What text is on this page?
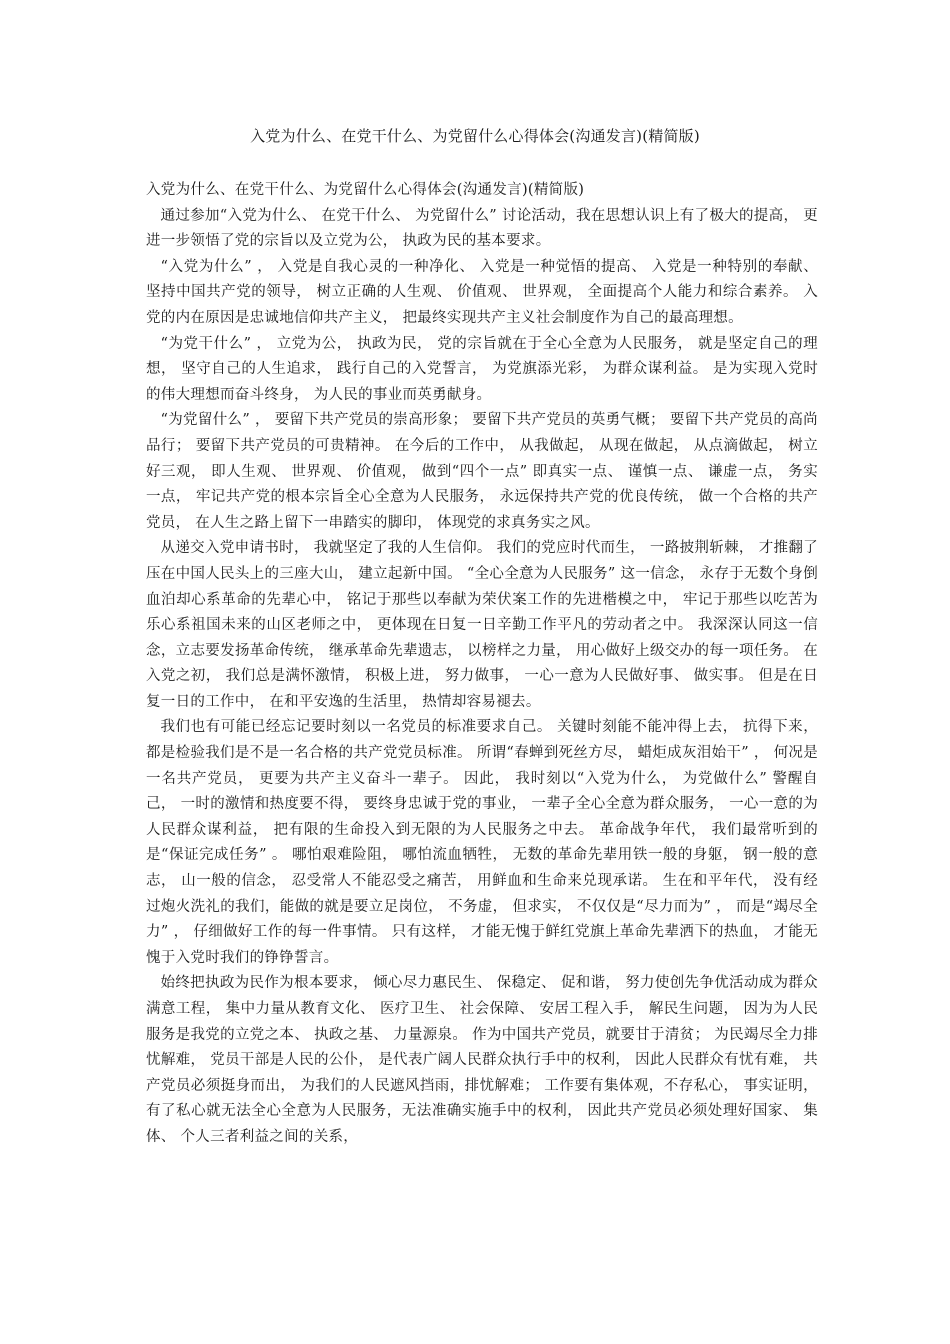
入党为什么、在党干什么、为党留什么心得体会(沟通发言)(精简版)

入党为什么、在党干什么、为党留什么心得体会(沟通发言)(精简版)

通过参加“入党为什么、 在党干什么、 为党留什么” 讨论活动，我在思想认识上有了极大的提高， 更进一步领悟了党的宗旨以及立党为公， 执政为民的基本要求。

“入党为什么” ， 入党是自我心灵的一种净化、 入党是一种觉悟的提高、 入党是一种特别的奉献、 坚持中国共产党的领导， 树立正确的人生观、 价值观、 世界观， 全面提高个人能力和综合素养。 入党的内在原因是忠诚地信仰共产主义， 把最终实现共产主义社会制度作为自己的最高理想。

“为党干什么” ， 立党为公， 执政为民， 党的宗旨就在于全心全意为人民服务， 就是坚定自己的理想， 坚守自己的人生追求， 践行自己的入党誓言， 为党旗添光彩， 为群众谋利益。 是为实现入党时的伟大理想而奋斗终身， 为人民的事业而英勇献身。

“为党留什么” ， 要留下共产党员的崇高形象； 要留下共产党员的英勇气概； 要留下共产党员的高尚品行； 要留下共产党员的可贵精神。 在今后的工作中， 从我做起， 从现在做起， 从点滴做起， 树立好三观， 即人生观、 世界观、 价值观， 做到“四个一点” 即真实一点、 谨慎一点、 谦虚一点， 务实一点， 牢记共产党的根本宗旨全心全意为人民服务， 永远保持共产党的优良传统， 做一个合格的共产党员， 在人生之路上留下一串踏实的脚印， 体现党的求真务实之风。

从递交入党申请书时， 我就坚定了我的人生信仰。 我们的党应时代而生， 一路披荆斩棘， 才推翻了压在中国人民头上的三座大山， 建立起新中国。 “全心全意为人民服务” 这一信念， 永存于无数个身倒血泊却心系革命的先辈心中， 铭记于那些以奉献为荣伏案工作的先进楷模之中， 牢记于那些以吃苦为乐心系祖国未来的山区老师之中， 更体现在日复一日辛勤工作平凡的劳动者之中。 我深深认同这一信念，立志要发扬革命传统， 继承革命先辈遗志， 以榜样之力量， 用心做好上级交办的每一项任务。 在入党之初， 我们总是满怀激情， 积极上进， 努力做事， 一心一意为人民做好事、 做实事。 但是在日复一日的工作中， 在和平安逸的生活里， 热情却容易褪去。

我们也有可能已经忘记要时刻以一名党员的标准要求自己。 关键时刻能不能冲得上去， 抗得下来， 都是检验我们是不是一名合格的共产党党员标准。 所谓“春蝉到死丝方尽， 蜡炬成灰泪始干” ， 何况是一名共产党员， 更要为共产主义奋斗一辈子。 因此， 我时刻以“入党为什么， 为党做什么” 警醒自己， 一时的激情和热度要不得， 要终身忠诚于党的事业， 一辈子全心全意为群众服务， 一心一意的为人民群众谋利益， 把有限的生命投入到无限的为人民服务之中去。 革命战争年代， 我们最常听到的是“保证完成任务” 。 哪怕艰难险阻， 哪怕流血牺牲， 无数的革命先辈用铁一般的身躯， 钢一般的意志， 山一般的信念， 忍受常人不能忍受之痛苦， 用鲜血和生命来兑现承诺。 生在和平年代， 没有经过炮火洗礼的我们，能做的就是要立足岗位， 不务虚， 但求实， 不仅仅是“尽力而为” ， 而是“竭尽全力” ， 仔细做好工作的每一件事情。 只有这样， 才能无愧于鲜红党旗上革命先辈洒下的热血， 才能无愧于入党时我们的铮铮誓言。

始终把执政为民作为根本要求， 倾心尽力惠民生、 保稳定、 促和谐， 努力使创先争优活动成为群众满意工程， 集中力量从教育文化、 医疗卫生、 社会保障、 安居工程入手， 解民生问题， 因为为人民服务是我党的立党之本、 执政之基、 力量源泉。 作为中国共产党员，就要甘于清贫； 为民竭尽全力排忧解难， 党员干部是人民的公仆， 是代表广阔人民群众执行手中的权利， 因此人民群众有忧有难， 共产党员必须挺身而出， 为我们的人民遮风挡雨，排忧解难； 工作要有集体观，不存私心， 事实证明， 有了私心就无法全心全意为人民服务，无法准确实施手中的权利， 因此共产党员必须处理好国家、 集体、 个人三者利益之间的关系，
